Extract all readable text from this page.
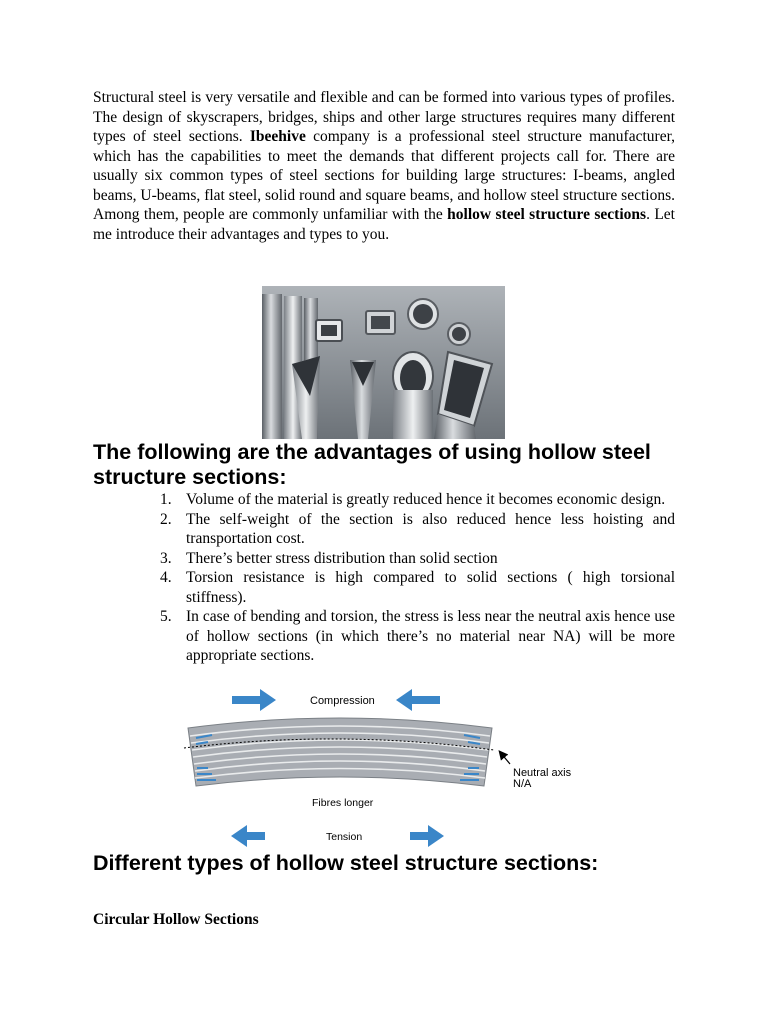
Structural steel is very versatile and flexible and can be formed into various types of profiles. The design of skyscrapers, bridges, ships and other large structures requires many different types of steel sections. Ibeehive company is a professional steel structure manufacturer, which has the capabilities to meet the demands that different projects call for. There are usually six common types of steel sections for building large structures: I-beams, angled beams, U-beams, flat steel, solid round and square beams, and hollow steel structure sections. Among them, people are commonly unfamiliar with the hollow steel structure sections. Let me introduce their advantages and types to you.

The following are the advantages of using hollow steel structure sections:
1. Volume of the material is greatly reduced hence it becomes economic design.
2. The self-weight of the section is also reduced hence less hoisting and transportation cost.
3. There’s better stress distribution than solid section
4. Torsion resistance is high compared to solid sections ( high torsional stiffness).
5. In case of bending and torsion, the stress is less near the neutral axis hence use of hollow sections (in which there’s no material near NA) will be more appropriate sections.
Compression
Neutral axis
N/A
Fibres longer
Tension
Different types of hollow steel structure sections:

Circular Hollow Sections
